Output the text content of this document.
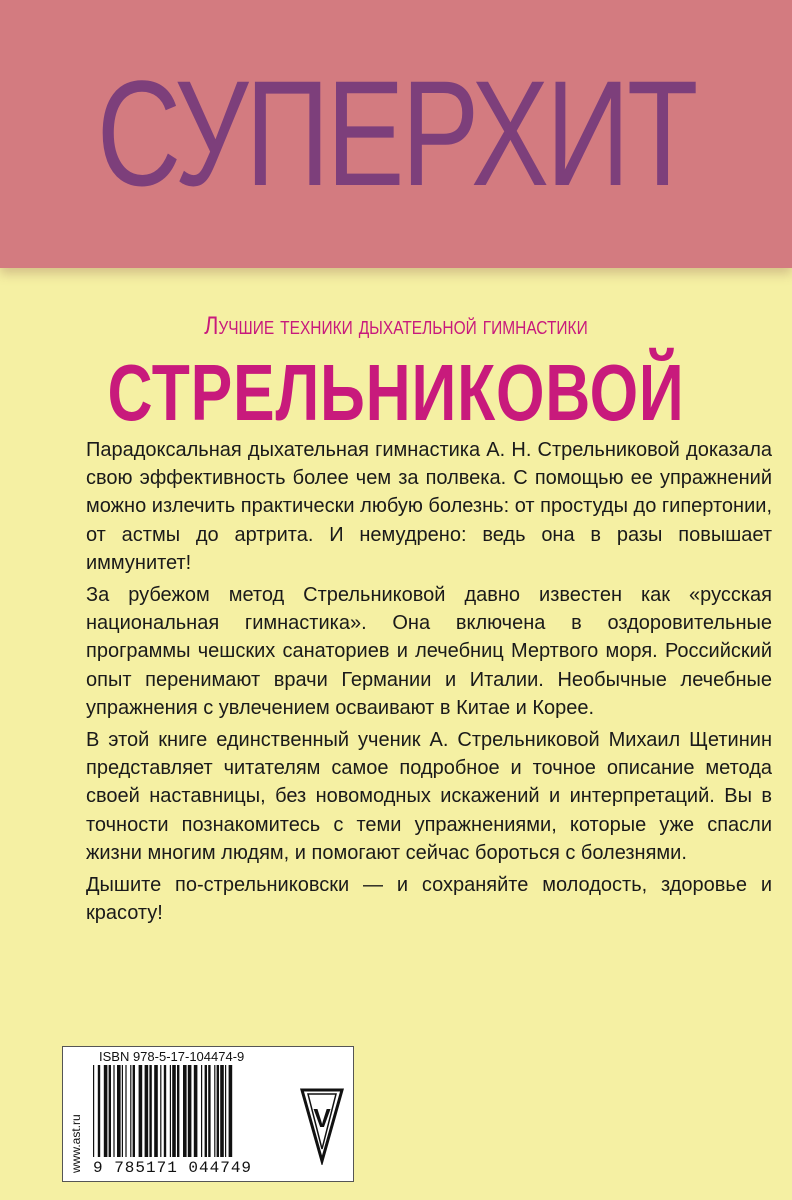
СУПЕРХИТ
Лучшие техники дыхательной гимнастики
СТРЕЛЬНИКОВОЙ

Парадоксальная дыхательная гимнастика А. Н. Стрельниковой доказала свою эффективность более чем за полвека. С помощью ее упражнений можно излечить практически любую болезнь: от простуды до гипертонии, от астмы до артрита. И немудрено: ведь она в разы повышает иммунитет!

За рубежом метод Стрельниковой давно известен как «русская национальная гимнастика». Она включена в оздоровительные программы чешских санаториев и лечебниц Мертвого моря. Российский опыт перенимают врачи Германии и Италии. Необычные лечебные упражнения с увлечением осваивают в Китае и Корее.

В этой книге единственный ученик А. Стрельниковой Михаил Щетинин представляет читателям самое подробное и точное описание метода своей наставницы, без новомодных искажений и интерпретаций. Вы в точности познакомитесь с теми упражнениями, которые уже спасли жизни многим людям, и помогают сейчас бороться с болезнями.

Дышите по-стрельниковски — и сохраняйте молодость, здоровье и красоту!

www.ast.ru
ISBN 978-5-17-104474-9
9 785171 044749
V
